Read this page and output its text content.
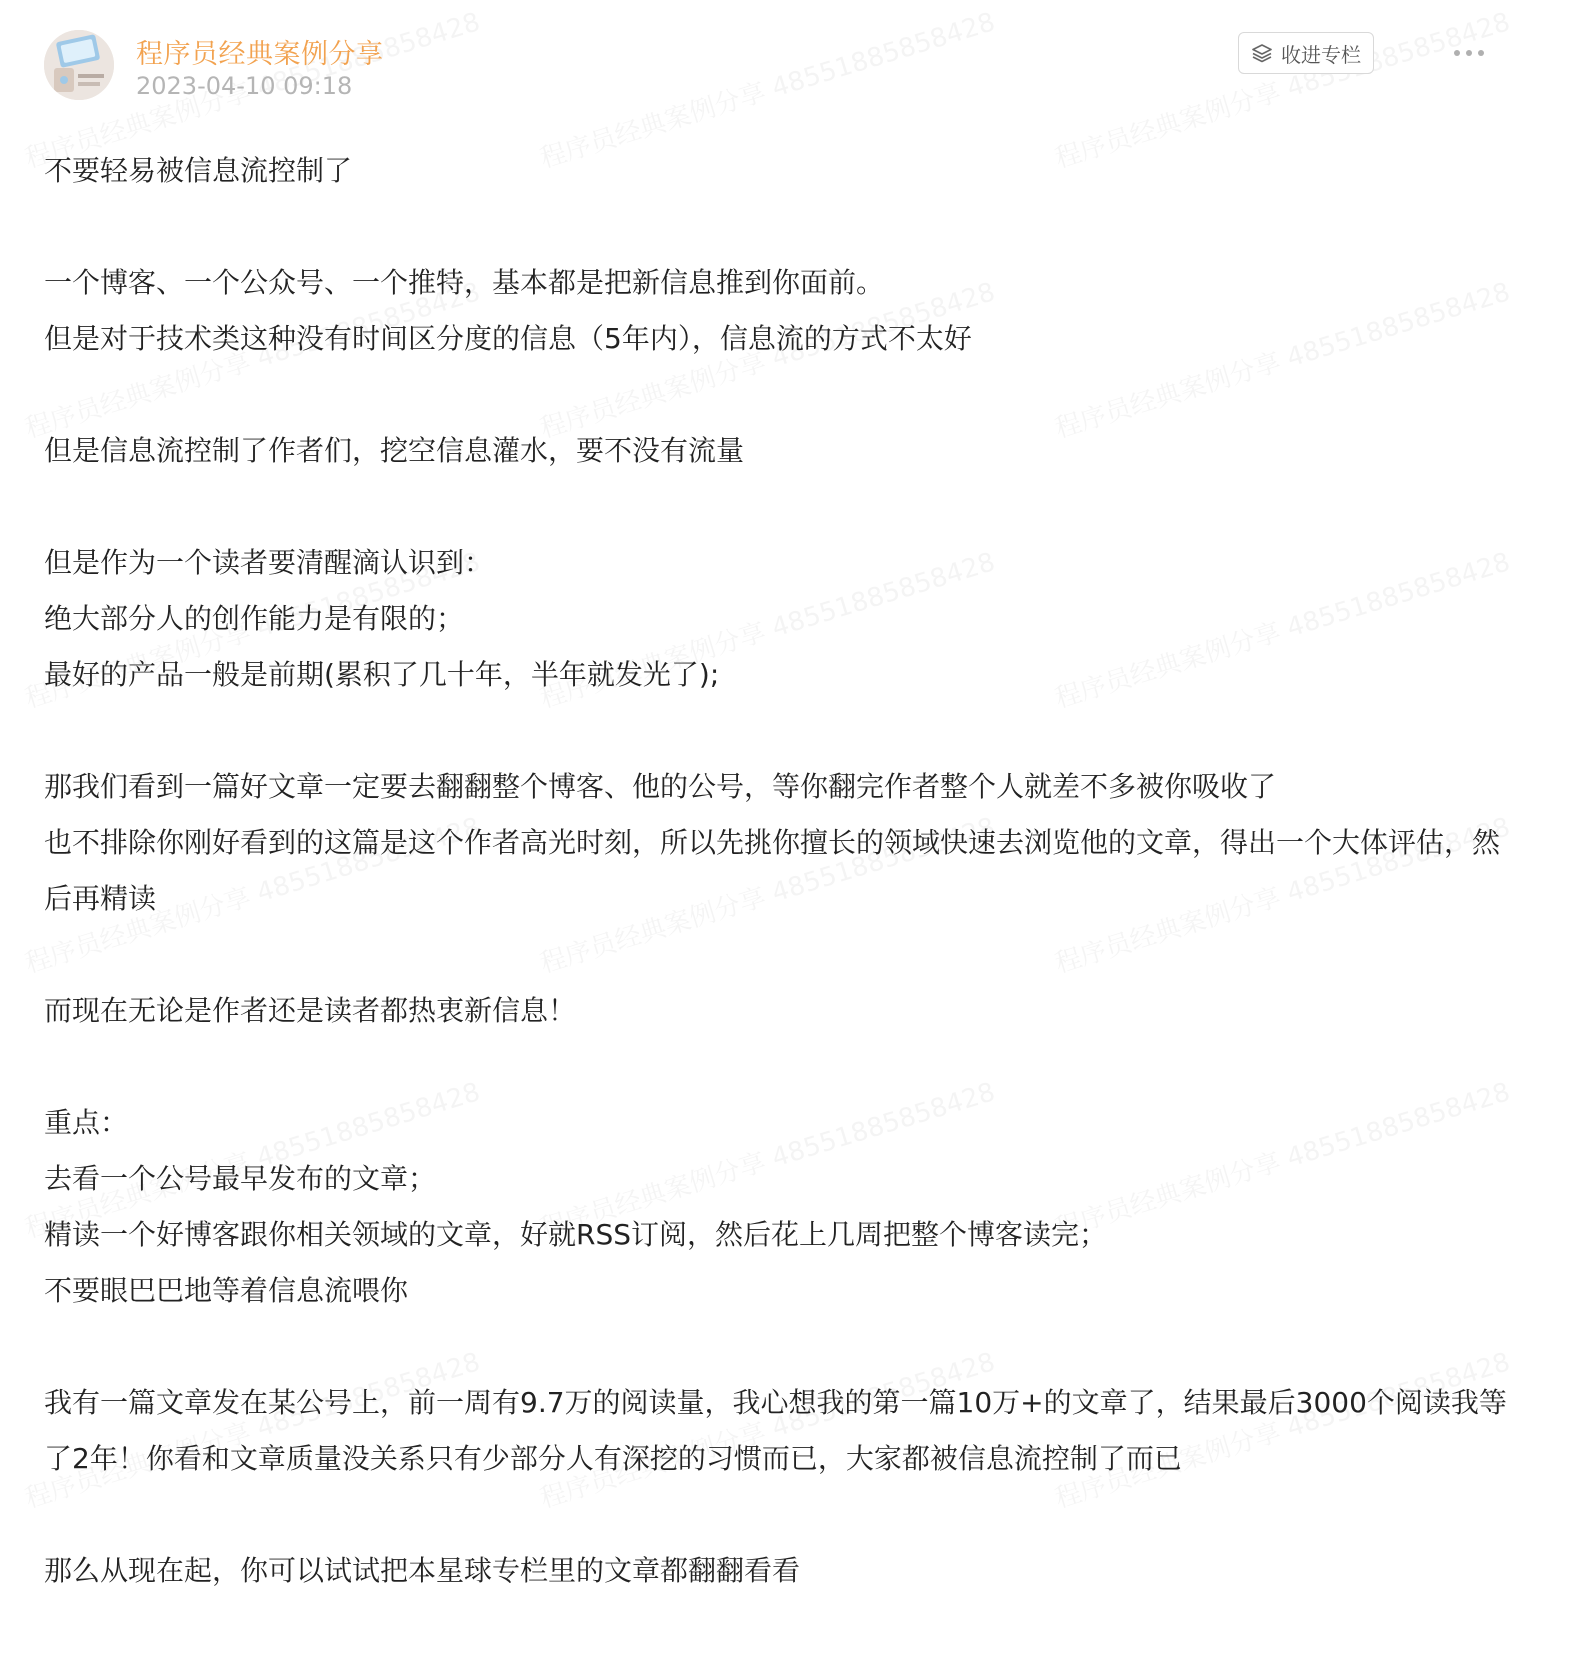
程序员经典案例分享
2023-04-10 09:18
收进专栏
不要轻易被信息流控制了
一个博客、一个公众号、一个推特，基本都是把新信息推到你面前。
但是对于技术类这种没有时间区分度的信息（5年内），信息流的方式不太好
但是信息流控制了作者们，挖空信息灌水，要不没有流量
但是作为一个读者要清醒滴认识到：
绝大部分人的创作能力是有限的；
最好的产品一般是前期(累积了几十年，半年就发光了);
那我们看到一篇好文章一定要去翻翻整个博客、他的公号，等你翻完作者整个人就差不多被你吸收了
也不排除你刚好看到的这篇是这个作者高光时刻，所以先挑你擅长的领域快速去浏览他的文章，得出一个大体评估，然后再精读
而现在无论是作者还是读者都热衷新信息！
重点：
去看一个公号最早发布的文章；
精读一个好博客跟你相关领域的文章，好就RSS订阅，然后花上几周把整个博客读完；
不要眼巴巴地等着信息流喂你
我有一篇文章发在某公号上，前一周有9.7万的阅读量，我心想我的第一篇10万+的文章了，结果最后3000个阅读我等了2年！你看和文章质量没关系只有少部分人有深挖的习惯而已，大家都被信息流控制了而已
那么从现在起，你可以试试把本星球专栏里的文章都翻翻看看
